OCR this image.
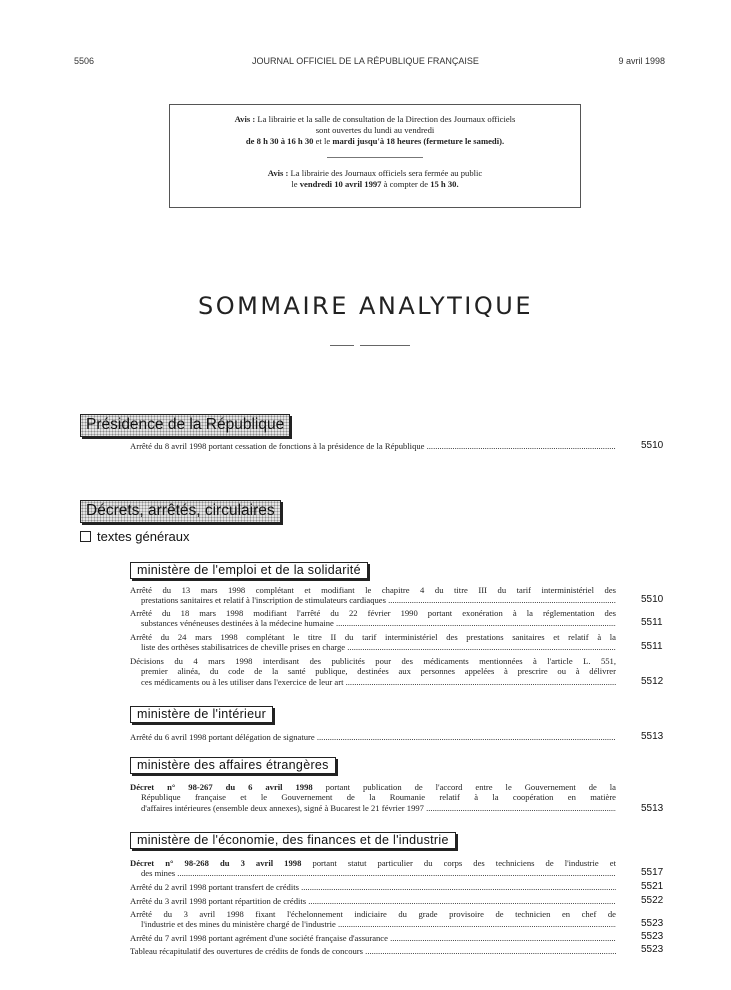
5506	JOURNAL OFFICIEL DE LA RÉPUBLIQUE FRANÇAISE	9 avril 1998
Avis : La librairie et la salle de consultation de la Direction des Journaux officiels
sont ouvertes du lundi au vendredi
de 8 h 30 à 16 h 30 et le mardi jusqu'à 18 heures (fermeture le samedi).
Avis : La librairie des Journaux officiels sera fermée au public
le vendredi 10 avril 1997 à compter de 15 h 30.
SOMMAIRE ANALYTIQUE
Présidence de la République
Arrêté du 8 avril 1998 portant cessation de fonctions à la présidence de la République .....	5510
Décrets, arrêtés, circulaires
textes généraux
ministère de l'emploi et de la solidarité
Arrêté du 13 mars 1998 complétant et modifiant le chapitre 4 du titre III du tarif interministériel des
prestations sanitaires et relatif à l'inscription de stimulateurs cardiaques .....	5510
Arrêté du 18 mars 1998 modifiant l'arrêté du 22 février 1990 portant exonération à la réglementation des
substances vénéneuses destinées à la médecine humaine .....	5511
Arrêté du 24 mars 1998 complétant le titre II du tarif interministériel des prestations sanitaires et relatif à la
liste des orthèses stabilisatrices de cheville prises en charge .....	5511
Décisions du 4 mars 1998 interdisant des publicités pour des médicaments mentionnées à l'article L. 551,
premier alinéa, du code de la santé publique, destinées aux personnes appelées à prescrire ou à délivrer
ces médicaments ou à les utiliser dans l'exercice de leur art .....	5512
ministère de l'intérieur
Arrêté du 6 avril 1998 portant délégation de signature .....	5513
ministère des affaires étrangères
Décret n° 98-267 du 6 avril 1998 portant publication de l'accord entre le Gouvernement de la
République française et le Gouvernement de la Roumanie relatif à la coopération en matière
d'affaires intérieures (ensemble deux annexes), signé à Bucarest le 21 février 1997 .....	5513
ministère de l'économie, des finances et de l'industrie
Décret n° 98-268 du 3 avril 1998 portant statut particulier du corps des techniciens de l'industrie et
des mines .....	5517
Arrêté du 2 avril 1998 portant transfert de crédits .....	5521
Arrêté du 3 avril 1998 portant répartition de crédits .....	5522
Arrêté du 3 avril 1998 fixant l'échelonnement indiciaire du grade provisoire de technicien en chef de
l'industrie et des mines du ministère chargé de l'industrie .....	5523
Arrêté du 7 avril 1998 portant agrément d'une société française d'assurance .....	5523
Tableau récapitulatif des ouvertures de crédits de fonds de concours .....	5523
